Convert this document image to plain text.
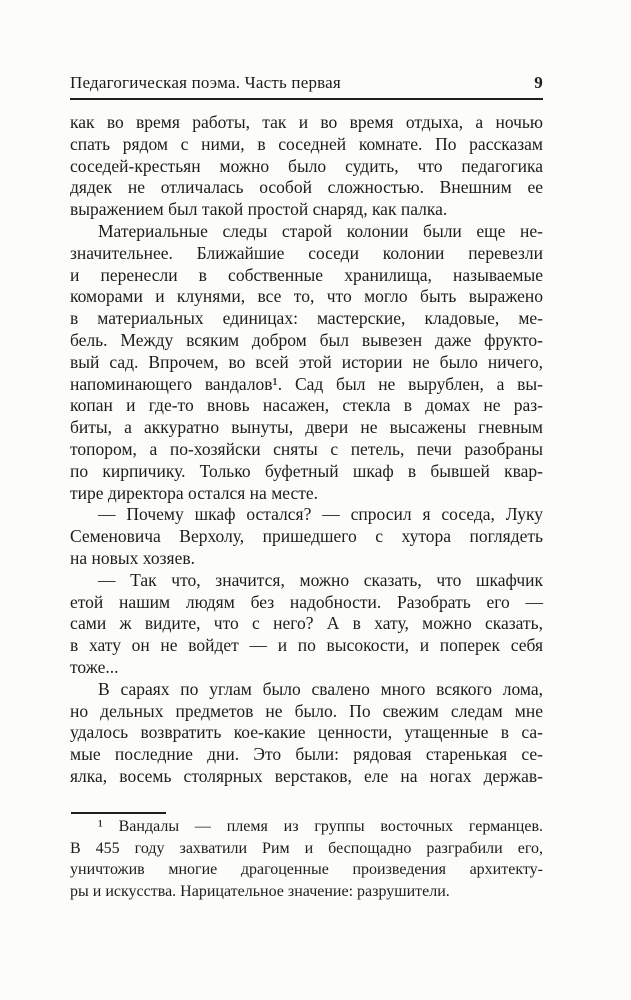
Педагогическая поэма. Часть первая	9
как во время работы, так и во время отдыха, а ночью
спать рядом с ними, в соседней комнате. По рассказам
соседей-крестьян можно было судить, что педагогика
дядек не отличалась особой сложностью. Внешним ее
выражением был такой простой снаряд, как палка.
Материальные следы старой колонии были еще не-
значительнее. Ближайшие соседи колонии перевезли
и перенесли в собственные хранилища, называемые
коморами и клунями, все то, что могло быть выражено
в материальных единицах: мастерские, кладовые, ме-
бель. Между всяким добром был вывезен даже фрукто-
вый сад. Впрочем, во всей этой истории не было ничего,
напоминающего вандалов¹. Сад был не вырублен, а вы-
копан и где-то вновь насажен, стекла в домах не раз-
биты, а аккуратно вынуты, двери не высажены гневным
топором, а по-хозяйски сняты с петель, печи разобраны
по кирпичику. Только буфетный шкаф в бывшей квар-
тире директора остался на месте.
— Почему шкаф остался? — спросил я соседа, Луку
Семеновича Верхолу, пришедшего с хутора поглядеть
на новых хозяев.
— Так что, значится, можно сказать, что шкафчик
етой нашим людям без надобности. Разобрать его —
сами ж видите, что с него? А в хату, можно сказать,
в хату он не войдет — и по высокости, и поперек себя
тоже...
В сараях по углам было свалено много всякого лома,
но дельных предметов не было. По свежим следам мне
удалось возвратить кое-какие ценности, утащенные в са-
мые последние дни. Это были: рядовая старенькая се-
ялка, восемь столярных верстаков, еле на ногах держав-
¹ Вандалы — племя из группы восточных германцев.
В 455 году захватили Рим и беспощадно разграбили его,
уничтожив многие драгоценные произведения архитекту-
ры и искусства. Нарицательное значение: разрушители.
